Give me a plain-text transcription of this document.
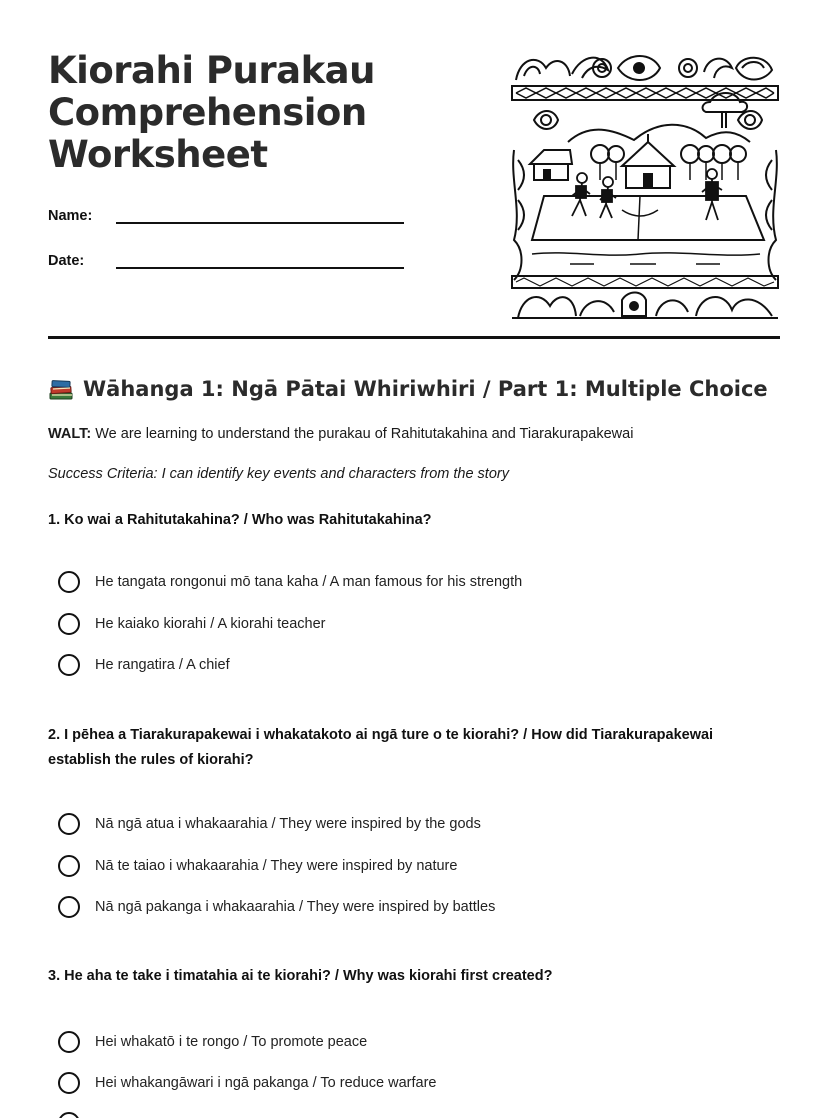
Kiorahi Purakau
Comprehension
Worksheet
Name:
Date:
Wāhanga 1: Ngā Pātai Whiriwhiri / Part 1: Multiple Choice
WALT: We are learning to understand the purakau of Rahitutakahina and Tiarakurapakewai
Success Criteria: I can identify key events and characters from the story
1. Ko wai a Rahitutakahina? / Who was Rahitutakahina?
He tangata rongonui mō tana kaha / A man famous for his strength
He kaiako kiorahi / A kiorahi teacher
He rangatira / A chief
2. I pēhea a Tiarakurapakewai i whakatakoto ai ngā ture o te kiorahi? / How did Tiarakurapakewai establish the rules of kiorahi?
Nā ngā atua i whakaarahia / They were inspired by the gods
Nā te taiao i whakaarahia / They were inspired by nature
Nā ngā pakanga i whakaarahia / They were inspired by battles
3. He aha te take i timatahia ai te kiorahi? / Why was kiorahi first created?
Hei whakatō i te rongo / To promote peace
Hei whakangāwari i ngā pakanga / To reduce warfare
